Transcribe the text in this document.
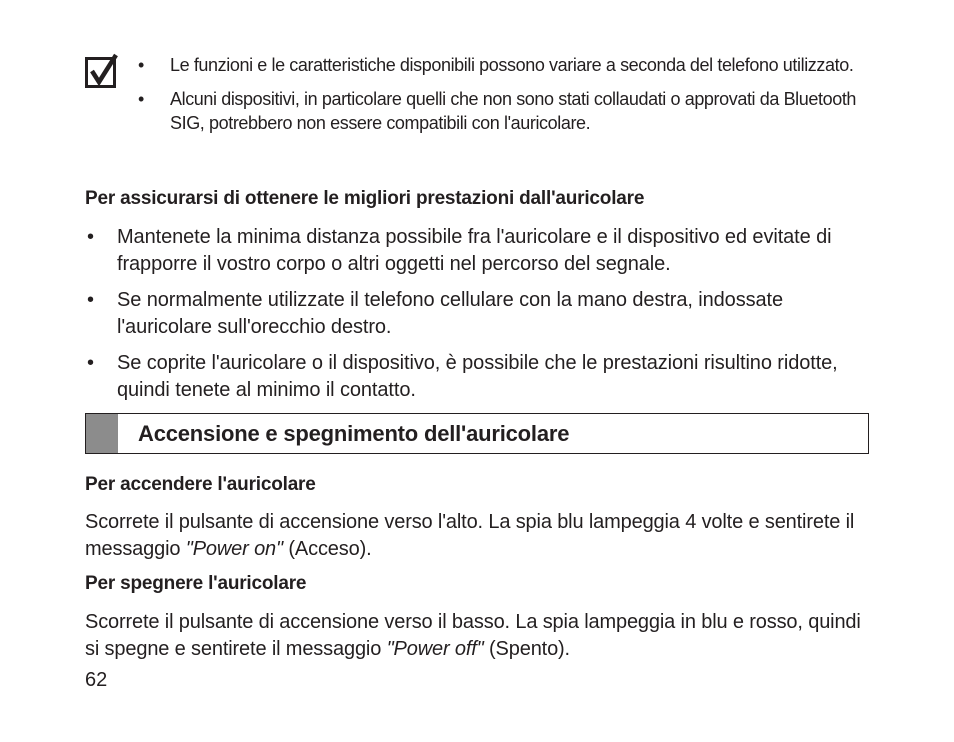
• Le funzioni e le caratteristiche disponibili possono variare a seconda del telefono utilizzato.
• Alcuni dispositivi, in particolare quelli che non sono stati collaudati o approvati da Bluetooth SIG, potrebbero non essere compatibili con l'auricolare.
Per assicurarsi di ottenere le migliori prestazioni dall'auricolare
• Mantenete la minima distanza possibile fra l'auricolare e il dispositivo ed evitate di frapporre il vostro corpo o altri oggetti nel percorso del segnale.
• Se normalmente utilizzate il telefono cellulare con la mano destra, indossate l'auricolare sull'orecchio destro.
• Se coprite l'auricolare o il dispositivo, è possibile che le prestazioni risultino ridotte, quindi tenete al minimo il contatto.
Accensione e spegnimento dell'auricolare
Per accendere l'auricolare
Scorrete il pulsante di accensione verso l'alto. La spia blu lampeggia 4 volte e sentirete il messaggio "Power on" (Acceso).
Per spegnere l'auricolare
Scorrete il pulsante di accensione verso il basso. La spia lampeggia in blu e rosso, quindi si spegne e sentirete il messaggio "Power off" (Spento).
62
